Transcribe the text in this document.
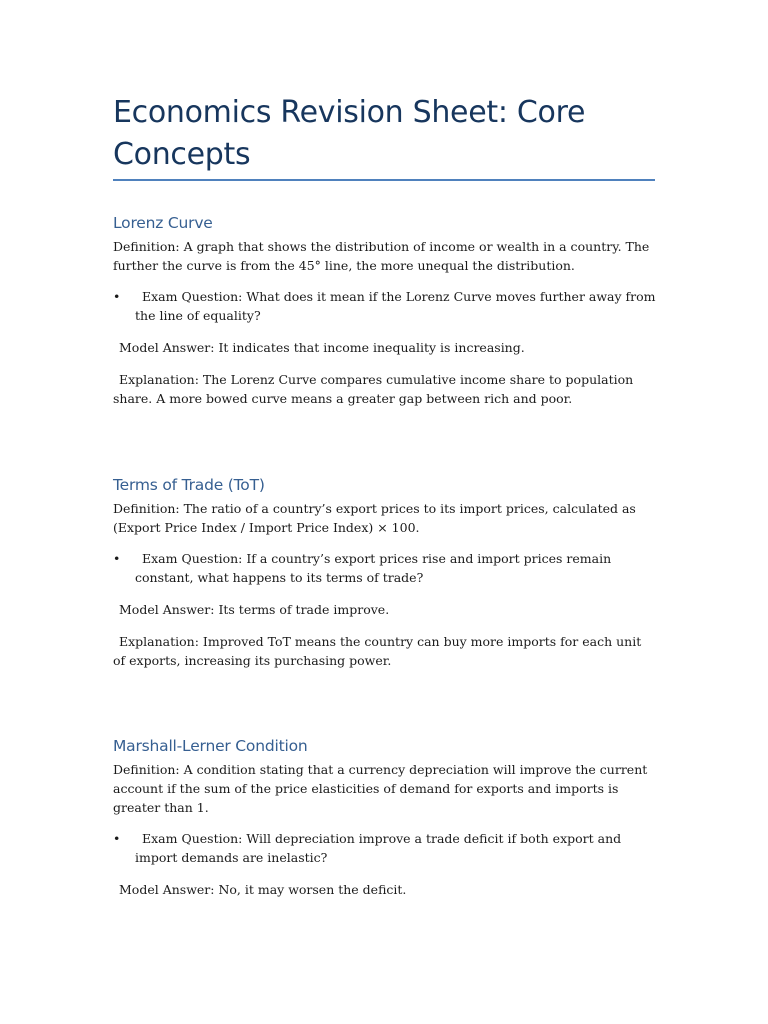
Economics Revision Sheet: Core Concepts
Lorenz Curve

Definition: A graph that shows the distribution of income or wealth in a country. The further the curve is from the 45° line, the more unequal the distribution.

•	Exam Question: What does it mean if the Lorenz Curve moves further away from the line of equality?

Model Answer: It indicates that income inequality is increasing.

Explanation: The Lorenz Curve compares cumulative income share to population share. A more bowed curve means a greater gap between rich and poor.

Terms of Trade (ToT)

Definition: The ratio of a country’s export prices to its import prices, calculated as (Export Price Index / Import Price Index) × 100.

•	Exam Question: If a country’s export prices rise and import prices remain constant, what happens to its terms of trade?

Model Answer: Its terms of trade improve.

Explanation: Improved ToT means the country can buy more imports for each unit of exports, increasing its purchasing power.

Marshall-Lerner Condition

Definition: A condition stating that a currency depreciation will improve the current account if the sum of the price elasticities of demand for exports and imports is greater than 1.

•	Exam Question: Will depreciation improve a trade deficit if both export and import demands are inelastic?

Model Answer: No, it may worsen the deficit.
